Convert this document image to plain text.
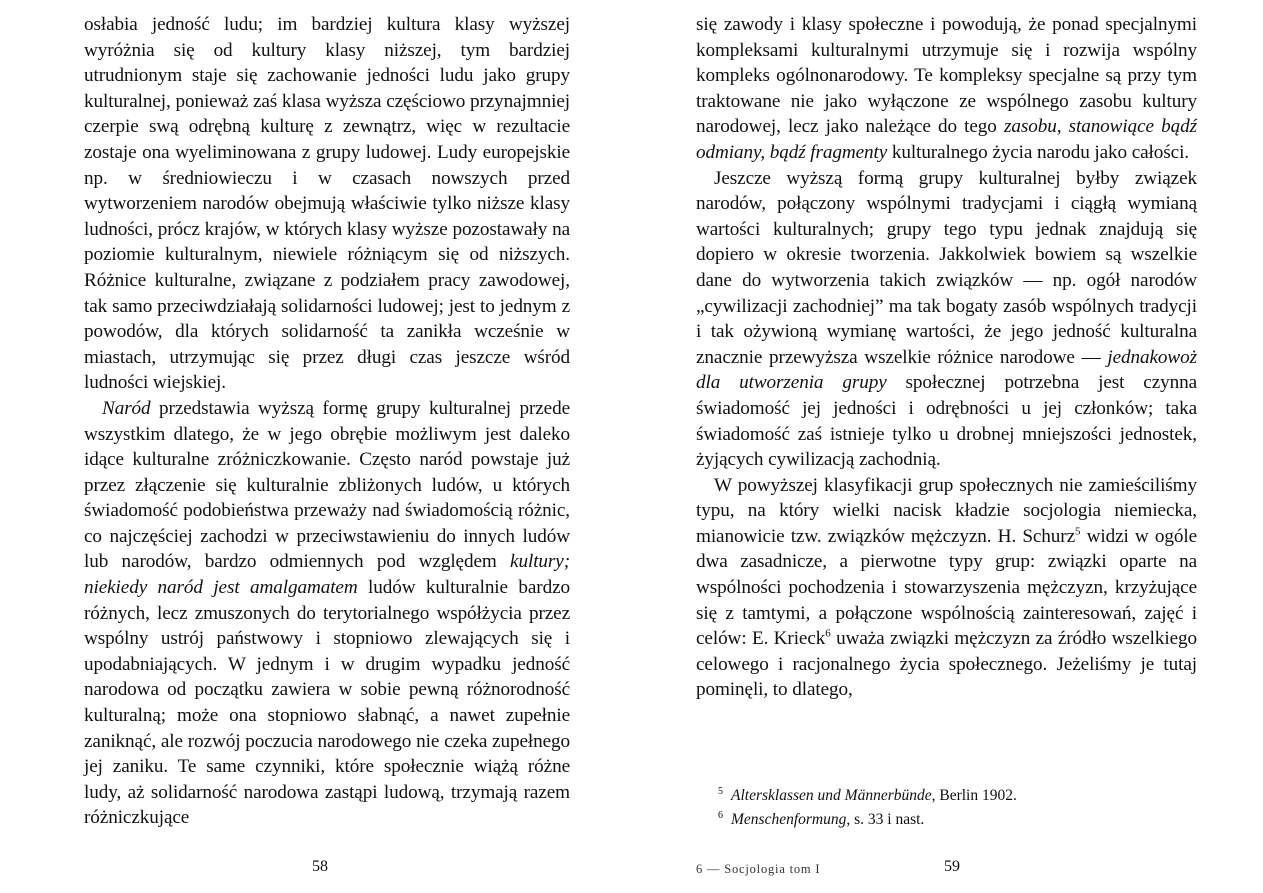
osłabia jedność ludu; im bardziej kultura klasy wyższej wyróżnia się od kultury klasy niższej, tym bardziej utrudnionym staje się zachowanie jedności ludu jako grupy kulturalnej, ponieważ zaś klasa wyższa częściowo przynajmniej czerpie swą odrębną kulturę z zewnątrz, więc w rezultacie zostaje ona wyeliminowana z grupy ludowej. Ludy europejskie np. w średniowieczu i w czasach nowszych przed wytworzeniem narodów obejmują właściwie tylko niższe klasy ludności, prócz krajów, w których klasy wyższe pozostawały na poziomie kulturalnym, niewiele różniącym się od niższych. Różnice kulturalne, związane z podziałem pracy zawodowej, tak samo przeciwdziałają solidarności ludowej; jest to jednym z powodów, dla których solidarność ta zanikła wcześnie w miastach, utrzymując się przez długi czas jeszcze wśród ludności wiejskiej.

Naród przedstawia wyższą formę grupy kulturalnej przede wszystkim dlatego, że w jego obrębie możliwym jest daleko idące kulturalne zróżniczkowanie. Często naród powstaje już przez złączenie się kulturalnie zbliżonych ludów, u których świadomość podobieństwa przeważy nad świadomością różnic, co najczęściej zachodzi w przeciwstawieniu do innych ludów lub narodów, bardzo odmiennych pod względem kultury; niekiedy naród jest amalgamatem ludów kulturalnie bardzo różnych, lecz zmuszonych do terytorialnego współżycia przez wspólny ustrój państwowy i stopniowo zlewających się i upodabniających. W jednym i w drugim wypadku jedność narodowa od początku zawiera w sobie pewną różnorodność kulturalną; może ona stopniowo słabnąć, a nawet zupełnie zaniknąć, ale rozwój poczucia narodowego nie czeka zupełnego jej zaniku. Te same czynniki, które społecznie wiążą różne ludy, aż solidarność narodowa zastąpi ludową, trzymają razem różniczkujące

58

się zawody i klasy społeczne i powodują, że ponad specjalnymi kompleksami kulturalnymi utrzymuje się i rozwija wspólny kompleks ogólnonarodowy. Te kompleksy specjalne są przy tym traktowane nie jako wyłączone ze wspólnego zasobu kultury narodowej, lecz jako należące do tego zasobu, stanowiące bądź odmiany, bądź fragmenty kulturalnego życia narodu jako całości.

Jeszcze wyższą formą grupy kulturalnej byłby związek narodów, połączony wspólnymi tradycjami i ciągłą wymianą wartości kulturalnych; grupy tego typu jednak znajdują się dopiero w okresie tworzenia. Jakkolwiek bowiem są wszelkie dane do wytworzenia takich związków — np. ogół narodów „cywilizacji zachodniej” ma tak bogaty zasób wspólnych tradycji i tak ożywioną wymianę wartości, że jego jedność kulturalna znacznie przewyższa wszelkie różnice narodowe — jednakowoż dla utworzenia grupy społecznej potrzebna jest czynna świadomość jej jedności i odrębności u jej członków; taka świadomość zaś istnieje tylko u drobnej mniejszości jednostek, żyjących cywilizacją zachodnią.

W powyższej klasyfikacji grup społecznych nie zamieściliśmy typu, na który wielki nacisk kładzie socjologia niemiecka, mianowicie tzw. związków mężczyzn. H. Schurz$^5$ widzi w ogóle dwa zasadnicze, a pierwotne typy grup: związki oparte na wspólności pochodzenia i stowarzyszenia mężczyzn, krzyżujące się z tamtymi, a połączone wspólnością zainteresowań, zajęć i celów: E. Krieck$^6$ uważa związki mężczyzn za źródło wszelkiego celowego i racjonalnego życia społecznego. Jeżeliśmy je tutaj pominęli, to dlatego,

$^5$ Altersklassen und Männerbünde, Berlin 1902.
$^6$ Menschenformung, s. 33 i nast.
6 — Socjologia tom I	59
